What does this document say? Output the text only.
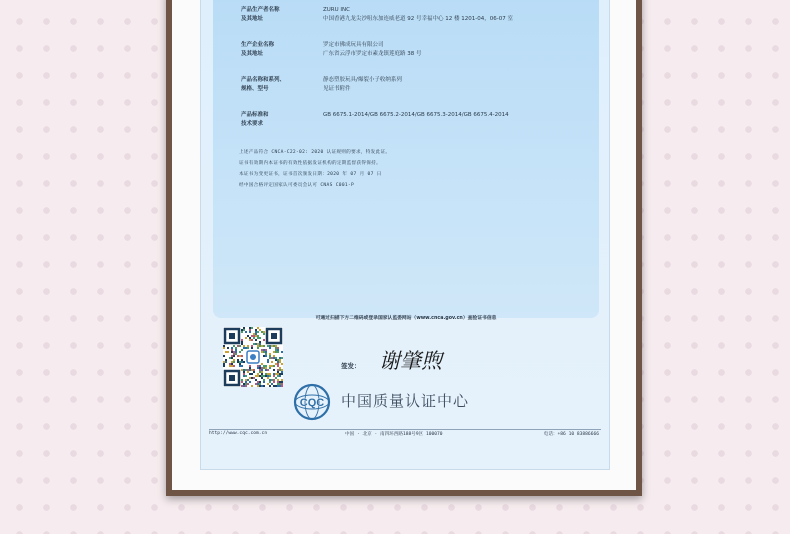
产品生产者名称
及其地址
ZURU INC
中国香港九龙尖沙咀东加连威老道 92 号幸福中心 12 楼 1201-04，06-07 室
生产企业名称
及其地址
罗定市佛成玩具有限公司
广东省云浮市罗定市素龙镇莲庭路 38 号
产品名称和系列、
规格、型号
静态塑胶玩具/爆裂小子收纳系列
见证书附件
产品标准和
技术要求
GB 6675.1-2014/GB 6675.2-2014/GB 6675.3-2014/GB 6675.4-2014
上述产品符合 CNCA-C22-02: 2020 认证规则的要求，特发此证。
证书有效期内本证书的有效性依据发证机构的定期监督获得保持。
本证书为变更证书，证书首次颁发日期：2020 年 07 月 07 日
经中国合格评定国家认可委员会认可 CNAS C001-P
可通过扫描下方二维码或登录国家认监委网站（www.cnca.gov.cn）查验证书信息
签发： 谢肇煦
CQC 中国质量认证中心
http://www.cqc.com.cn	中国 · 北京 · 南四环西路188号9区 100070	电话：+86 10 83886666
